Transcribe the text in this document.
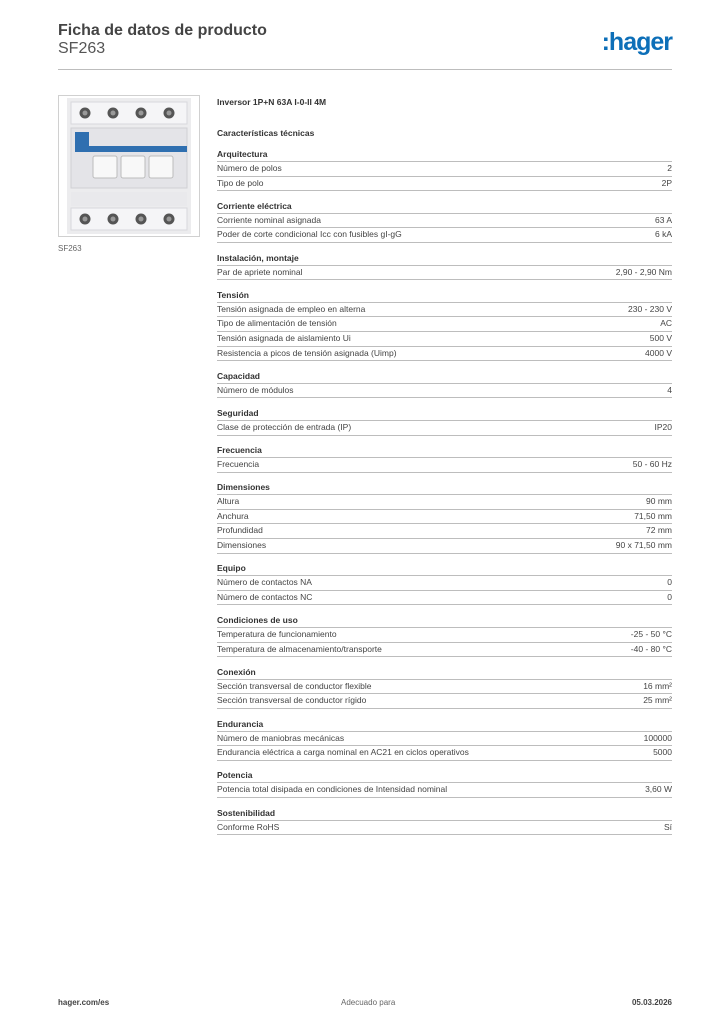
Ficha de datos de producto
SF263	:hager
SF263
Inversor 1P+N 63A I-0-II 4M
Características técnicas
Arquitectura
Número de polos	2
Tipo de polo	2P
Corriente eléctrica
Corriente nominal asignada	63 A
Poder de corte condicional Icc con fusibles gI-gG	6 kA
Instalación, montaje
Par de apriete nominal	2,90 - 2,90 Nm
Tensión
Tensión asignada de empleo en alterna	230 - 230 V
Tipo de alimentación de tensión	AC
Tensión asignada de aislamiento Ui	500 V
Resistencia a picos de tensión asignada (Uimp)	4000 V
Capacidad
Número de módulos	4
Seguridad
Clase de protección de entrada (IP)	IP20
Frecuencia
Frecuencia	50 - 60 Hz
Dimensiones
Altura	90 mm
Anchura	71,50 mm
Profundidad	72 mm
Dimensiones	90 x 71,50 mm
Equipo
Número de contactos NA	0
Número de contactos NC	0
Condiciones de uso
Temperatura de funcionamiento	-25 - 50 °C
Temperatura de almacenamiento/transporte	-40 - 80 °C
Conexión
Sección transversal de conductor flexible	16 mm²
Sección transversal de conductor rígido	25 mm²
Endurancia
Número de maniobras mecánicas	100000
Endurancia eléctrica a carga nominal en AC21 en ciclos operativos	5000
Potencia
Potencia total disipada en condiciones de Intensidad nominal	3,60 W
Sostenibilidad
Conforme RoHS	Sí
hager.com/es	Adecuado para	05.03.2026
